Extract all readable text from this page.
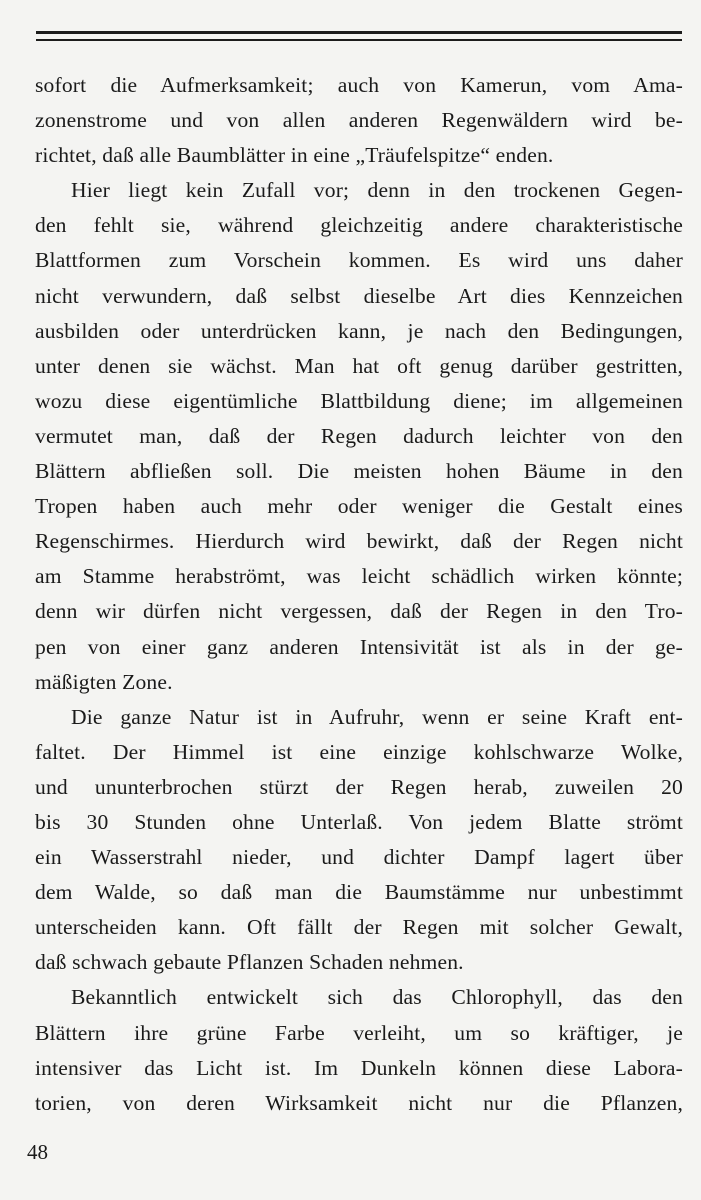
sofort die Aufmerksamkeit; auch von Kamerun, vom Ama-
zonenstrome und von allen anderen Regenwäldern wird be-
richtet, daß alle Baumblätter in eine „Träufelspitze“ enden.
Hier liegt kein Zufall vor; denn in den trockenen Gegen-
den fehlt sie, während gleichzeitig andere charakteristische
Blattformen zum Vorschein kommen. Es wird uns daher
nicht verwundern, daß selbst dieselbe Art dies Kennzeichen
ausbilden oder unterdrücken kann, je nach den Bedingungen,
unter denen sie wächst. Man hat oft genug darüber gestritten,
wozu diese eigentümliche Blattbildung diene; im allgemeinen
vermutet man, daß der Regen dadurch leichter von den
Blättern abfließen soll. Die meisten hohen Bäume in den
Tropen haben auch mehr oder weniger die Gestalt eines
Regenschirmes. Hierdurch wird bewirkt, daß der Regen nicht
am Stamme herabströmt, was leicht schädlich wirken könnte;
denn wir dürfen nicht vergessen, daß der Regen in den Tro-
pen von einer ganz anderen Intensivität ist als in der ge-
mäßigten Zone.
Die ganze Natur ist in Aufruhr, wenn er seine Kraft ent-
faltet. Der Himmel ist eine einzige kohlschwarze Wolke,
und ununterbrochen stürzt der Regen herab, zuweilen 20
bis 30 Stunden ohne Unterlaß. Von jedem Blatte strömt
ein Wasserstrahl nieder, und dichter Dampf lagert über
dem Walde, so daß man die Baumstämme nur unbestimmt
unterscheiden kann. Oft fällt der Regen mit solcher Gewalt,
daß schwach gebaute Pflanzen Schaden nehmen.
Bekanntlich entwickelt sich das Chlorophyll, das den
Blättern ihre grüne Farbe verleiht, um so kräftiger, je
intensiver das Licht ist. Im Dunkeln können diese Labora-
torien, von deren Wirksamkeit nicht nur die Pflanzen,
48
